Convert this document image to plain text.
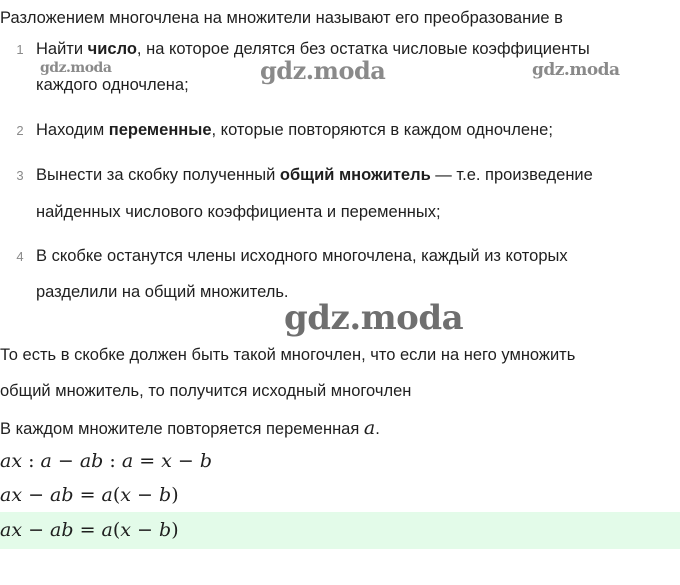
Разложением многочлена на множители называют его преобразование в
1 Найти число, на которое делятся без остатка числовые коэффициенты
каждого одночлена;
2 Находим переменные, которые повторяются в каждом одночлене;
3 Вынести за скобку полученный общий множитель — т.е. произведение
найденных числового коэффициента и переменных;
4 В скобке останутся члены исходного многочлена, каждый из которых
разделили на общий множитель.
То есть в скобке должен быть такой многочлен, что если на него умножить
общий множитель, то получится исходный многочлен
В каждом множителе повторяется переменная a.
ax : a − ab : a = x − b
ax − ab = a(x − b)
ax − ab = a(x − b)
gdz.moda	gdz.moda	gdz.moda
gdz.moda
